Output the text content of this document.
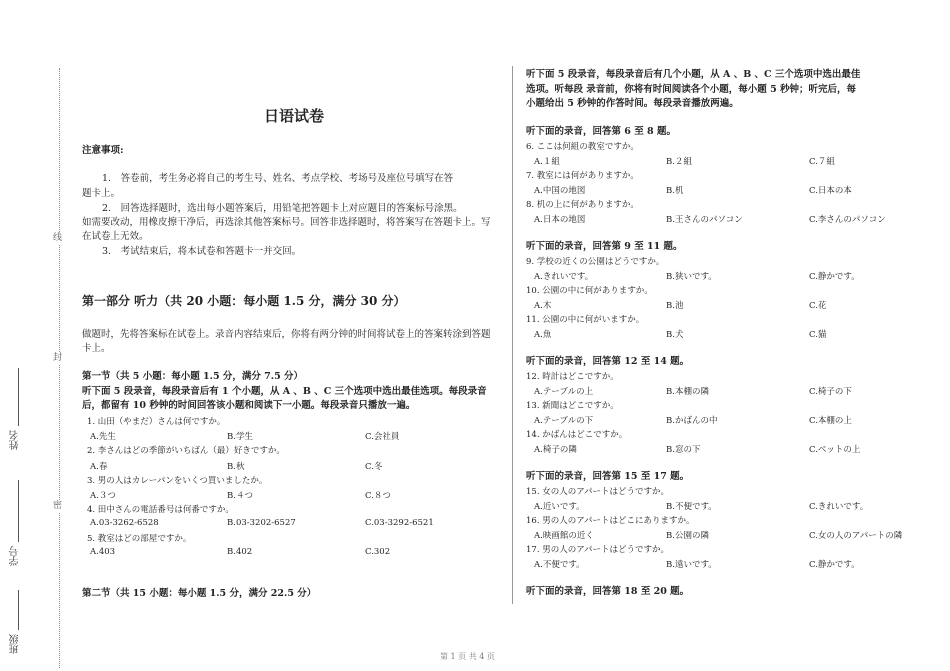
线
封
密
姓名
学号
班级
日语试卷
注意事项:
1.　答卷前，考生务必将自己的考生号、姓名、考点学校、考场号及座位号填写在答
题卡上。
2.　回答选择题时，选出每小题答案后，用铅笔把答题卡上对应题目的答案标号涂黑。
如需要改动，用橡皮擦干净后，再选涂其他答案标号。回答非选择题时，将答案写在答题卡上。写
在试卷上无效。
3.　考试结束后，将本试卷和答题卡一并交回。
第一部分 听力（共 20 小题：每小题 1.5 分，满分 30 分）
做题时，先将答案标在试卷上。录音内容结束后，你将有两分钟的时间将试卷上的答案转涂到答题
卡上。
第一节（共 5 小题：每小题 1.5 分，满分 7.5 分）
听下面 5 段录音，每段录音后有 1 个小题，从 A 、B 、C 三个选项中选出最佳选项。每段录音
后，都留有 10 秒钟的时间回答该小题和阅读下一小题。每段录音只播放一遍。
1. 山田（やまだ）さんは何ですか。
A.先生	B.学生	C.会社員
2. 李さんはどの季節がいちばん（最）好きですか。
A.春	B.秋	C.冬
3. 男の人はカレーパンをいくつ買いましたか。
A.３つ	B.４つ	C.８つ
4. 田中さんの電話番号は何番ですか。
A.03-3262-6528	B.03-3202-6527	C.03-3292-6521
5. 教室はどの部屋ですか。
A.403	B.402	C.302
第二节（共 15 小题：每小题 1.5 分，满分 22.5 分）
听下面 5 段录音，每段录音后有几个小题，从 A 、B 、C 三个选项中选出最佳
选项。听每段 录音前，你将有时间阅读各个小题，每小题 5 秒钟；听完后，每
小题给出 5 秒钟的作答时间。每段录音播放两遍。
听下面的录音，回答第 6 至 8 题。
6. ここは何組の教室ですか。
A.１組	B.２組	C.７組
7. 教室には何がありますか。
A.中国の地図	B.机	C.日本の本
8. 机の上に何がありますか。
A.日本の地図	B.王さんのパソコン	C.李さんのパソコン
听下面的录音，回答第 9 至 11 题。
9. 学校の近くの公園はどうですか。
A.きれいです。	B.狭いです。	C.静かです。
10. 公園の中に何がありますか。
A.木	B.池	C.花
11. 公園の中に何がいますか。
A.魚	B.犬	C.猫
听下面的录音，回答第 12 至 14 题。
12. 時計はどこですか。
A.テーブルの上	B.本棚の隣	C.椅子の下
13. 新聞はどこですか。
A.テーブルの下	B.かばんの中	C.本棚の上
14. かばんはどこですか。
A.椅子の隣	B.窓の下	C.ベットの上
听下面的录音，回答第 15 至 17 题。
15. 女の人のアパートはどうですか。
A.近いです。	B.不便です。	C.きれいです。
16. 男の人のアパートはどこにありますか。
A.映画館の近く	B.公園の隣	C.女の人のアパートの隣
17. 男の人のアパートはどうですか。
A.不便です。	B.遠いです。	C.静かです。
听下面的录音，回答第 18 至 20 题。
第 1 页 共 4 页
